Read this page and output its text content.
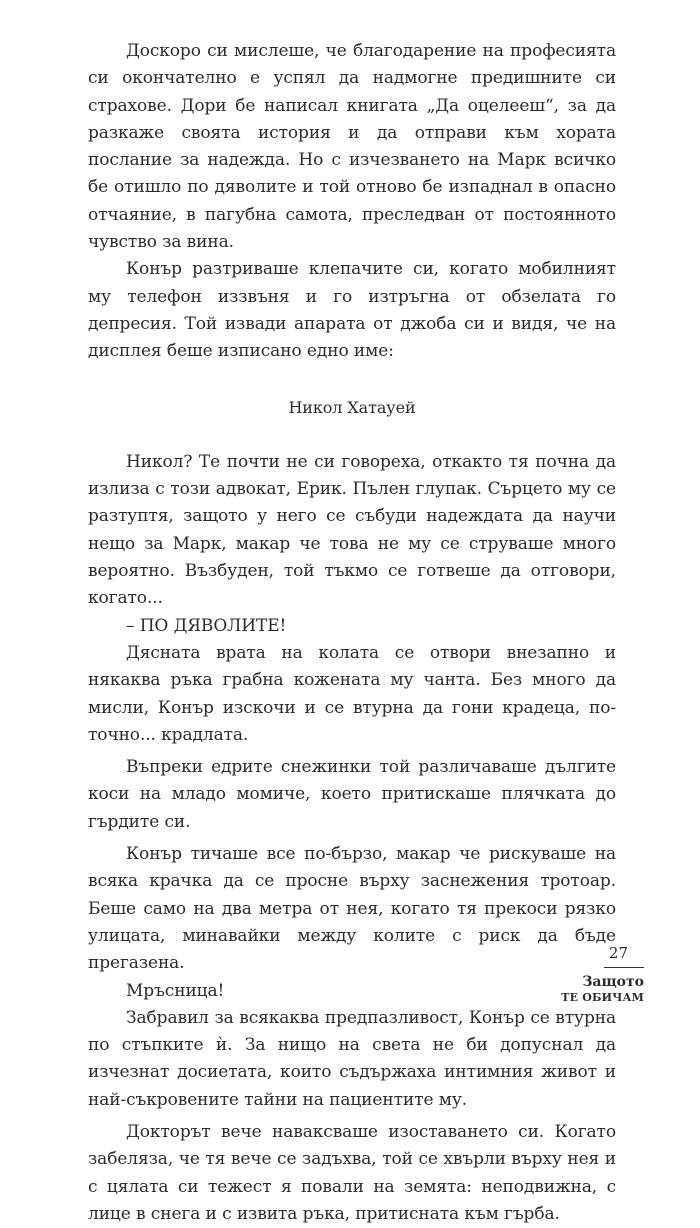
Доскоро си мислеше, че благодарение на професията си окончателно е успял да надмогне предишните си страхове. Дори бе написал книгата „Да оцелееш“, за да разкаже своята история и да отправи към хората послание за надежда. Но с изчезването на Марк всичко бе отишло по дяволите и той отново бе изпаднал в опасно отчаяние, в пагубна самота, преследван от постоянното чувство за вина.

Конър разтриваше клепачите си, когато мобилният му телефон иззвъня и го изтръгна от обзелата го депресия. Той извади апарата от джоба си и видя, че на дисплея беше изписано едно име:

Никол Хатауей

Никол? Те почти не си говореха, откакто тя почна да излиза с този адвокат, Ерик. Пълен глупак. Сърцето му се разтуптя, защото у него се събуди надеждата да научи нещо за Марк, макар че това не му се струваше много вероятно. Възбуден, той тъкмо се готвеше да отговори, когато...

– ПО ДЯВОЛИТЕ!

Дясната врата на колата се отвори внезапно и някаква ръка грабна кожената му чанта. Без много да мисли, Конър изскочи и се втурна да гони крадеца, по-точно... крадлата.

Въпреки едрите снежинки той различаваше дългите коси на младо момиче, което притискаше плячката до гърдите си.

Конър тичаше все по-бързо, макар че рискуваше на всяка крачка да се просне върху заснежения тротоар. Беше само на два метра от нея, когато тя прекоси рязко улицата, минавайки между колите с риск да бъде прегазена.

Мръсница!

Забравил за всякаква предпазливост, Конър се втурна по стъпките ѝ. За нищо на света не би допуснал да изчезнат досиетата, които съдържаха интимния живот и най-съкровените тайни на пациентите му.

Докторът вече наваксваше изоставането си. Когато забеляза, че тя вече се задъхва, той се хвърли върху нея и с цялата си тежест я повали на земята: неподвижна, с лице в снега и с извита ръка, притисната към гърба.

27
Защото
ТЕ ОБИЧАМ
